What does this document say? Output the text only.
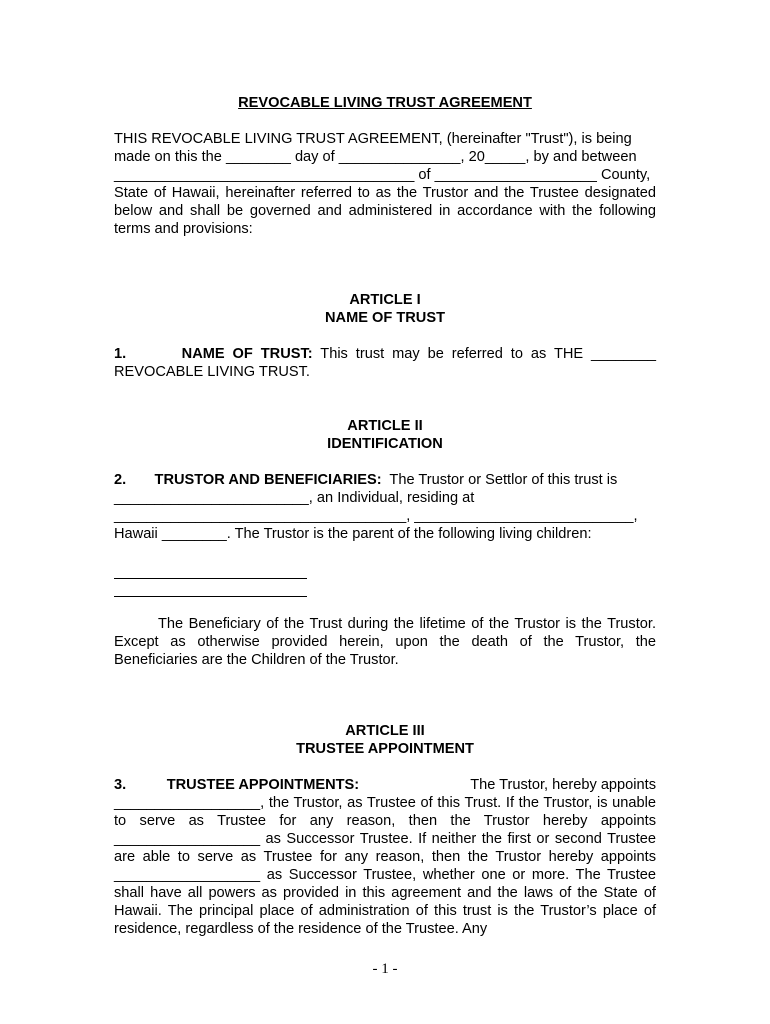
REVOCABLE LIVING TRUST AGREEMENT

THIS REVOCABLE LIVING TRUST AGREEMENT, (hereinafter "Trust"), is being

made on this the ________ day of _______________, 20_____, by and between

_____________________________________ of ____________________ County,

State of Hawaii, hereinafter referred to as the Trustor and the Trustee designated below and shall be governed and administered in accordance with the following terms and provisions:

ARTICLE I

NAME OF TRUST

1.       NAME OF TRUST: This trust may be referred to as THE ________ REVOCABLE LIVING TRUST.

ARTICLE II

IDENTIFICATION

2.       TRUSTOR AND BENEFICIARIES:  The Trustor or Settlor of this trust is

________________________, an Individual, residing at

____________________________________, ___________________________,

Hawaii ________. The Trustor is the parent of the following living children:

The Beneficiary of the Trust during the lifetime of the Trustor is the Trustor. Except as otherwise provided herein, upon the death of the Trustor, the Beneficiaries are the Children of the Trustor.

ARTICLE III

TRUSTEE APPOINTMENT

3.          TRUSTEE APPOINTMENTS:	The Trustor, hereby appoints

__________________, the Trustor, as Trustee of this Trust. If the Trustor, is unable to serve as Trustee for any reason, then the Trustor hereby appoints __________________ as Successor Trustee. If neither the first or second Trustee are able to serve as Trustee for any reason, then the Trustor hereby appoints __________________ as Successor Trustee, whether one or more. The Trustee shall have all powers as provided in this agreement and the laws of the State of Hawaii. The principal place of administration of this trust is the Trustor’s place of residence, regardless of the residence of the Trustee. Any

- 1 -
